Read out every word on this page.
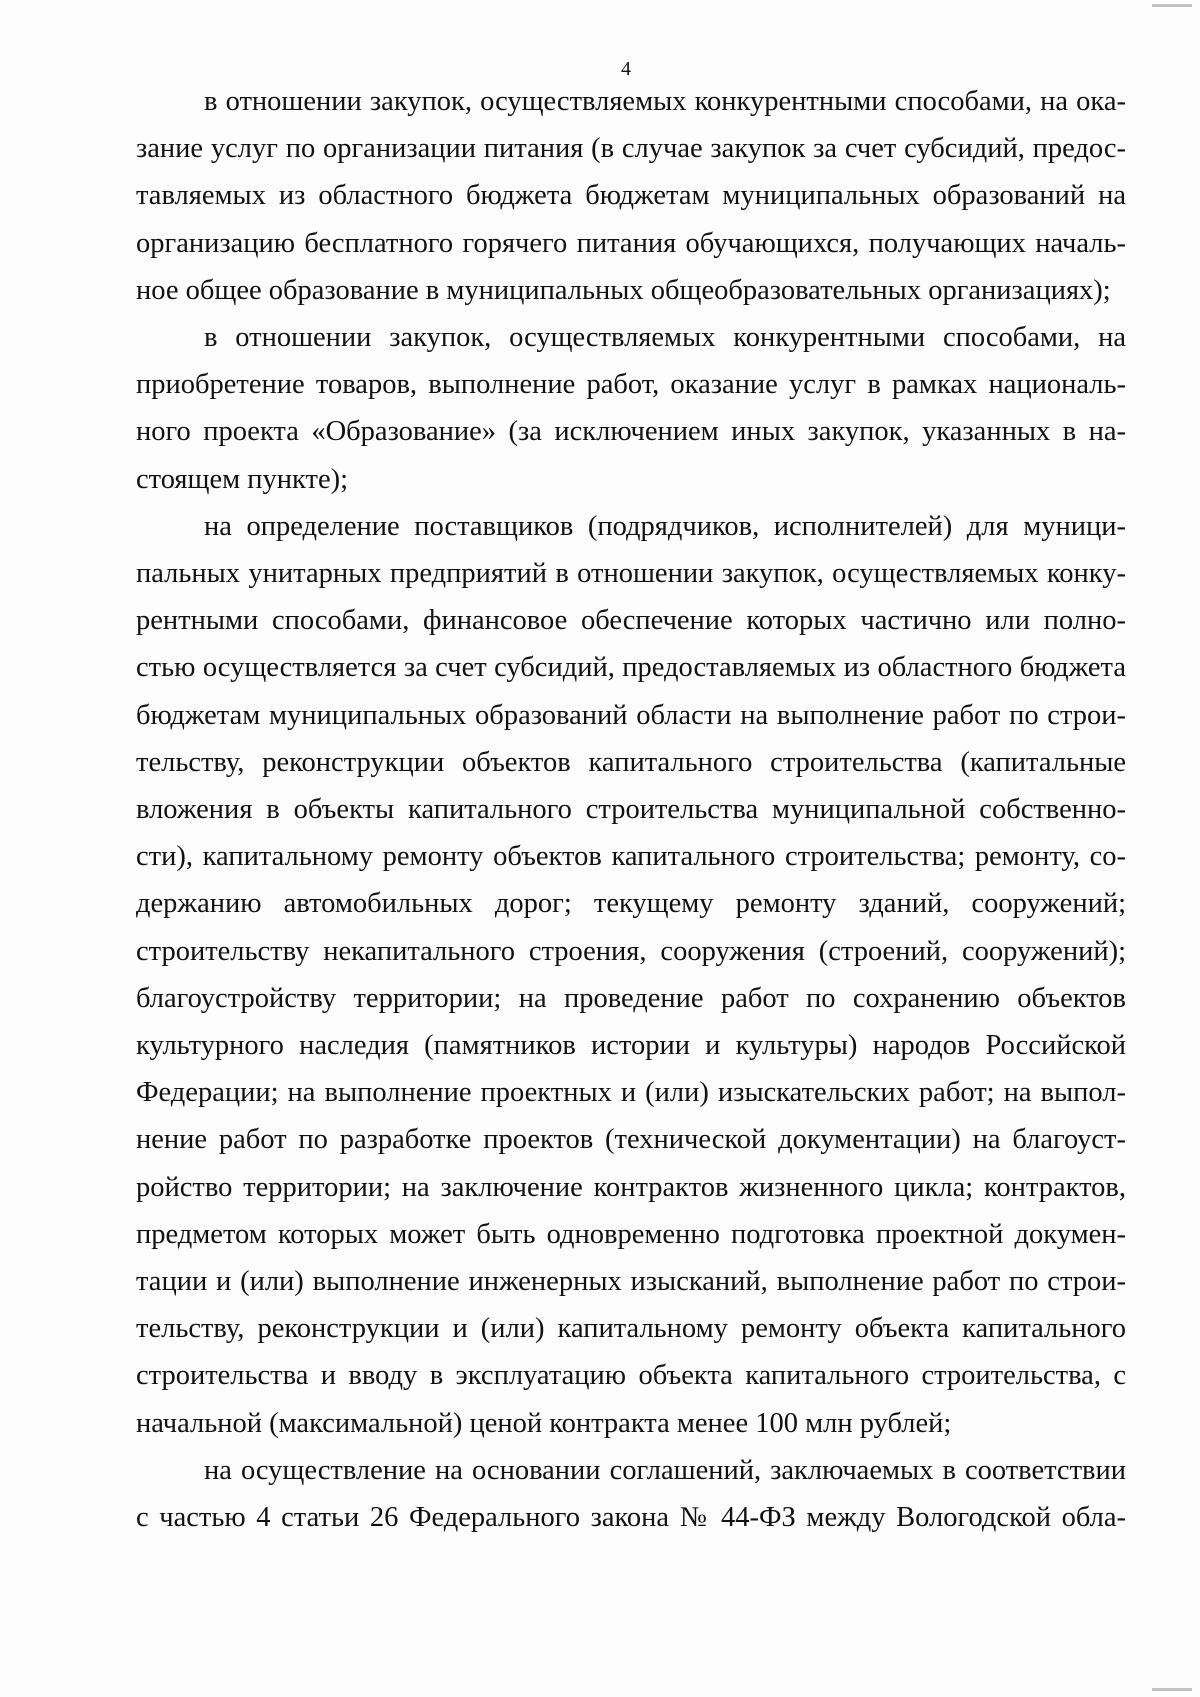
4
в отношении закупок, осуществляемых конкурентными способами, на ока-
зание услуг по организации питания (в случае закупок за счет субсидий, предос-
тавляемых из областного бюджета бюджетам муниципальных образований на
организацию бесплатного горячего питания обучающихся, получающих началь-
ное общее образование в муниципальных общеобразовательных организациях);
в отношении закупок, осуществляемых конкурентными способами, на
приобретение товаров, выполнение работ, оказание услуг в рамках националь-
ного проекта «Образование» (за исключением иных закупок, указанных в на-
стоящем пункте);
на определение поставщиков (подрядчиков, исполнителей) для муници-
пальных унитарных предприятий в отношении закупок, осуществляемых конку-
рентными способами, финансовое обеспечение которых частично или полно-
стью осуществляется за счет субсидий, предоставляемых из областного бюджета
бюджетам муниципальных образований области на выполнение работ по строи-
тельству, реконструкции объектов капитального строительства (капитальные
вложения в объекты капитального строительства муниципальной собственно-
сти), капитальному ремонту объектов капитального строительства; ремонту, со-
держанию автомобильных дорог; текущему ремонту зданий, сооружений;
строительству некапитального строения, сооружения (строений, сооружений);
благоустройству территории; на проведение работ по сохранению объектов
культурного наследия (памятников истории и культуры) народов Российской
Федерации; на выполнение проектных и (или) изыскательских работ; на выпол-
нение работ по разработке проектов (технической документации) на благоуст-
ройство территории; на заключение контрактов жизненного цикла; контрактов,
предметом которых может быть одновременно подготовка проектной докумен-
тации и (или) выполнение инженерных изысканий, выполнение работ по строи-
тельству, реконструкции и (или) капитальному ремонту объекта капитального
строительства и вводу в эксплуатацию объекта капитального строительства, с
начальной (максимальной) ценой контракта менее 100 млн рублей;
на осуществление на основании соглашений, заключаемых в соответствии
с частью 4 статьи 26 Федерального закона № 44-ФЗ между Вологодской обла-
